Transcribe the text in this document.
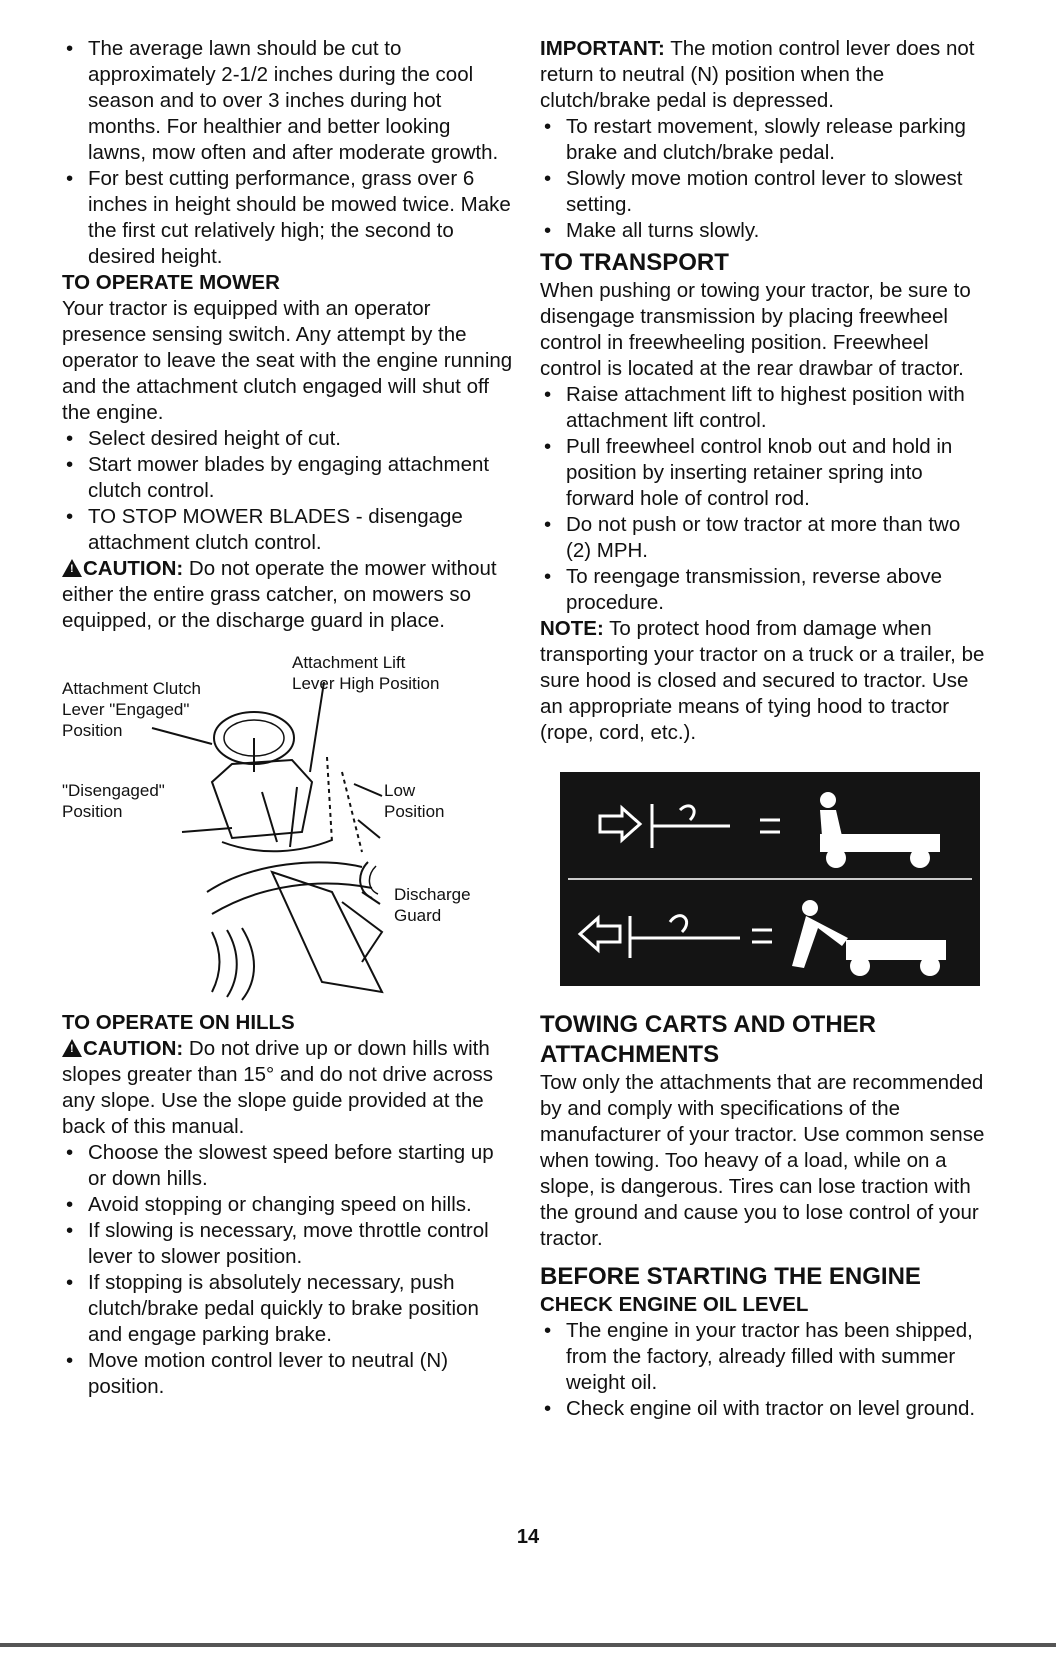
• The average lawn should be cut to approximately 2-1/2 inches during the cool season and to over 3 inches during hot months. For healthier and better looking lawns, mow often and after moderate growth.
• For best cutting performance, grass over 6 inches in height should be mowed twice. Make the first cut relatively high; the second to desired height.

TO OPERATE MOWER

Your tractor is equipped with an operator presence sensing switch. Any attempt by the operator to leave the seat with the engine running and the attachment clutch engaged will shut off the engine.

• Select desired height of cut.
• Start mower blades by engaging attachment clutch control.
• TO STOP MOWER BLADES - disengage attachment clutch control.

! CAUTION: Do not operate the mower without either the entire grass catcher, on mowers so equipped, or the discharge guard in place.

Attachment Clutch
Lever "Engaged"
Position
Attachment Lift
Lever High Position
"Disengaged"
Position
Low
Position
Discharge
Guard

TO OPERATE ON HILLS

! CAUTION: Do not drive up or down hills with slopes greater than 15° and do not drive across any slope. Use the slope guide provided at the back of this manual.

• Choose the slowest speed before starting up or down hills.
• Avoid stopping or changing speed on hills.
• If slowing is necessary, move throttle control lever to slower position.
• If stopping is absolutely necessary, push clutch/brake pedal quickly to brake position and engage parking brake.
• Move motion control lever to neutral (N) position.

IMPORTANT: The motion control lever does not return to neutral (N) position when the clutch/brake pedal is depressed.

• To restart movement, slowly release parking brake and clutch/brake pedal.
• Slowly move motion control lever to slowest setting.
• Make all turns slowly.

TO TRANSPORT

When pushing or towing your tractor, be sure to disengage transmission by placing freewheel control in freewheeling position. Freewheel control is located at the rear drawbar of tractor.

• Raise attachment lift to highest position with attachment lift control.
• Pull freewheel control knob out and hold in position by inserting retainer spring into forward hole of control rod.
• Do not push or tow tractor at more than two (2) MPH.
• To reengage transmission, reverse above procedure.

NOTE: To protect hood from damage when transporting your tractor on a truck or a trailer, be sure hood is closed and secured to tractor. Use an appropriate means of tying hood to tractor (rope, cord, etc.).

TOWING CARTS AND OTHER ATTACHMENTS

Tow only the attachments that are recommended by and comply with specifications of the manufacturer of your tractor. Use common sense when towing. Too heavy of a load, while on a slope, is dangerous. Tires can lose traction with the ground and cause you to lose control of your tractor.

BEFORE STARTING THE ENGINE

CHECK ENGINE OIL LEVEL

• The engine in your tractor has been shipped, from the factory, already filled with summer weight oil.
• Check engine oil with tractor on level ground.
14
